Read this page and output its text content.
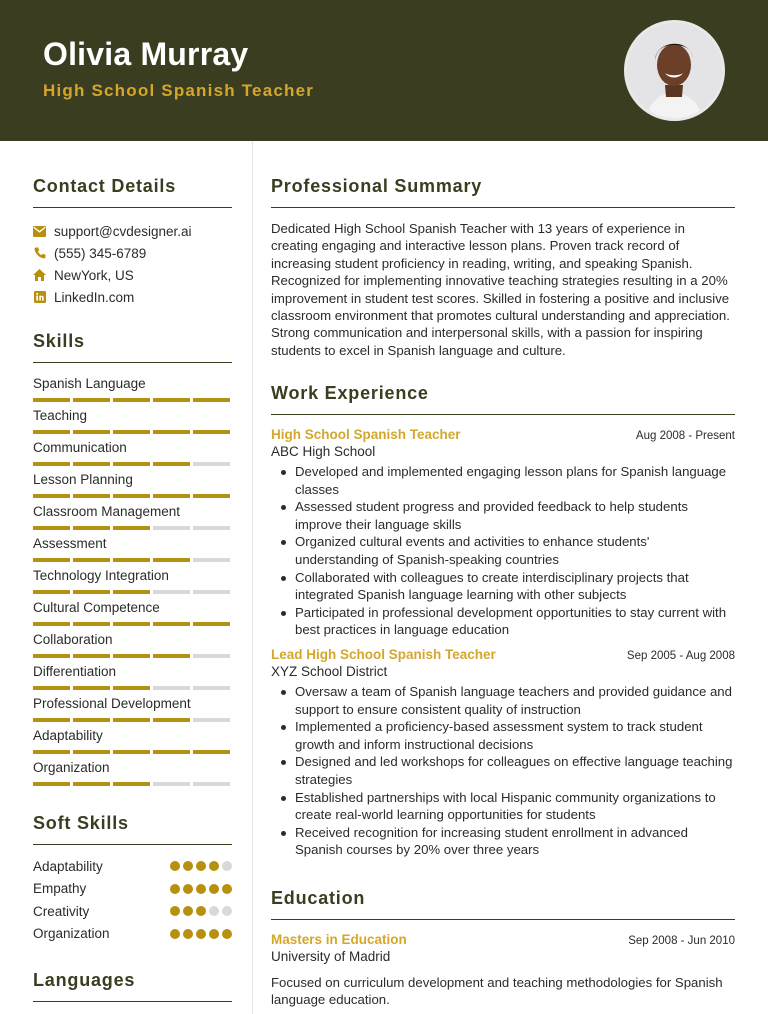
Olivia Murray
High School Spanish Teacher
Contact Details
support@cvdesigner.ai
(555) 345-6789
NewYork, US
LinkedIn.com
Skills
Spanish Language
Teaching
Communication
Lesson Planning
Classroom Management
Assessment
Technology Integration
Cultural Competence
Collaboration
Differentiation
Professional Development
Adaptability
Organization
Soft Skills
Adaptability
Empathy
Creativity
Organization
Languages
Professional Summary
Dedicated High School Spanish Teacher with 13 years of experience in creating engaging and interactive lesson plans. Proven track record of increasing student proficiency in reading, writing, and speaking Spanish. Recognized for implementing innovative teaching strategies resulting in a 20% improvement in student test scores. Skilled in fostering a positive and inclusive classroom environment that promotes cultural understanding and appreciation. Strong communication and interpersonal skills, with a passion for inspiring students to excel in Spanish language and culture.
Work Experience
High School Spanish Teacher	Aug 2008 - Present
ABC High School
Developed and implemented engaging lesson plans for Spanish language classes
Assessed student progress and provided feedback to help students improve their language skills
Organized cultural events and activities to enhance students' understanding of Spanish-speaking countries
Collaborated with colleagues to create interdisciplinary projects that integrated Spanish language learning with other subjects
Participated in professional development opportunities to stay current with best practices in language education
Lead High School Spanish Teacher	Sep 2005 - Aug 2008
XYZ School District
Oversaw a team of Spanish language teachers and provided guidance and support to ensure consistent quality of instruction
Implemented a proficiency-based assessment system to track student growth and inform instructional decisions
Designed and led workshops for colleagues on effective language teaching strategies
Established partnerships with local Hispanic community organizations to create real-world learning opportunities for students
Received recognition for increasing student enrollment in advanced Spanish courses by 20% over three years
Education
Masters in Education	Sep 2008 - Jun 2010
University of Madrid
Focused on curriculum development and teaching methodologies for Spanish language education.
